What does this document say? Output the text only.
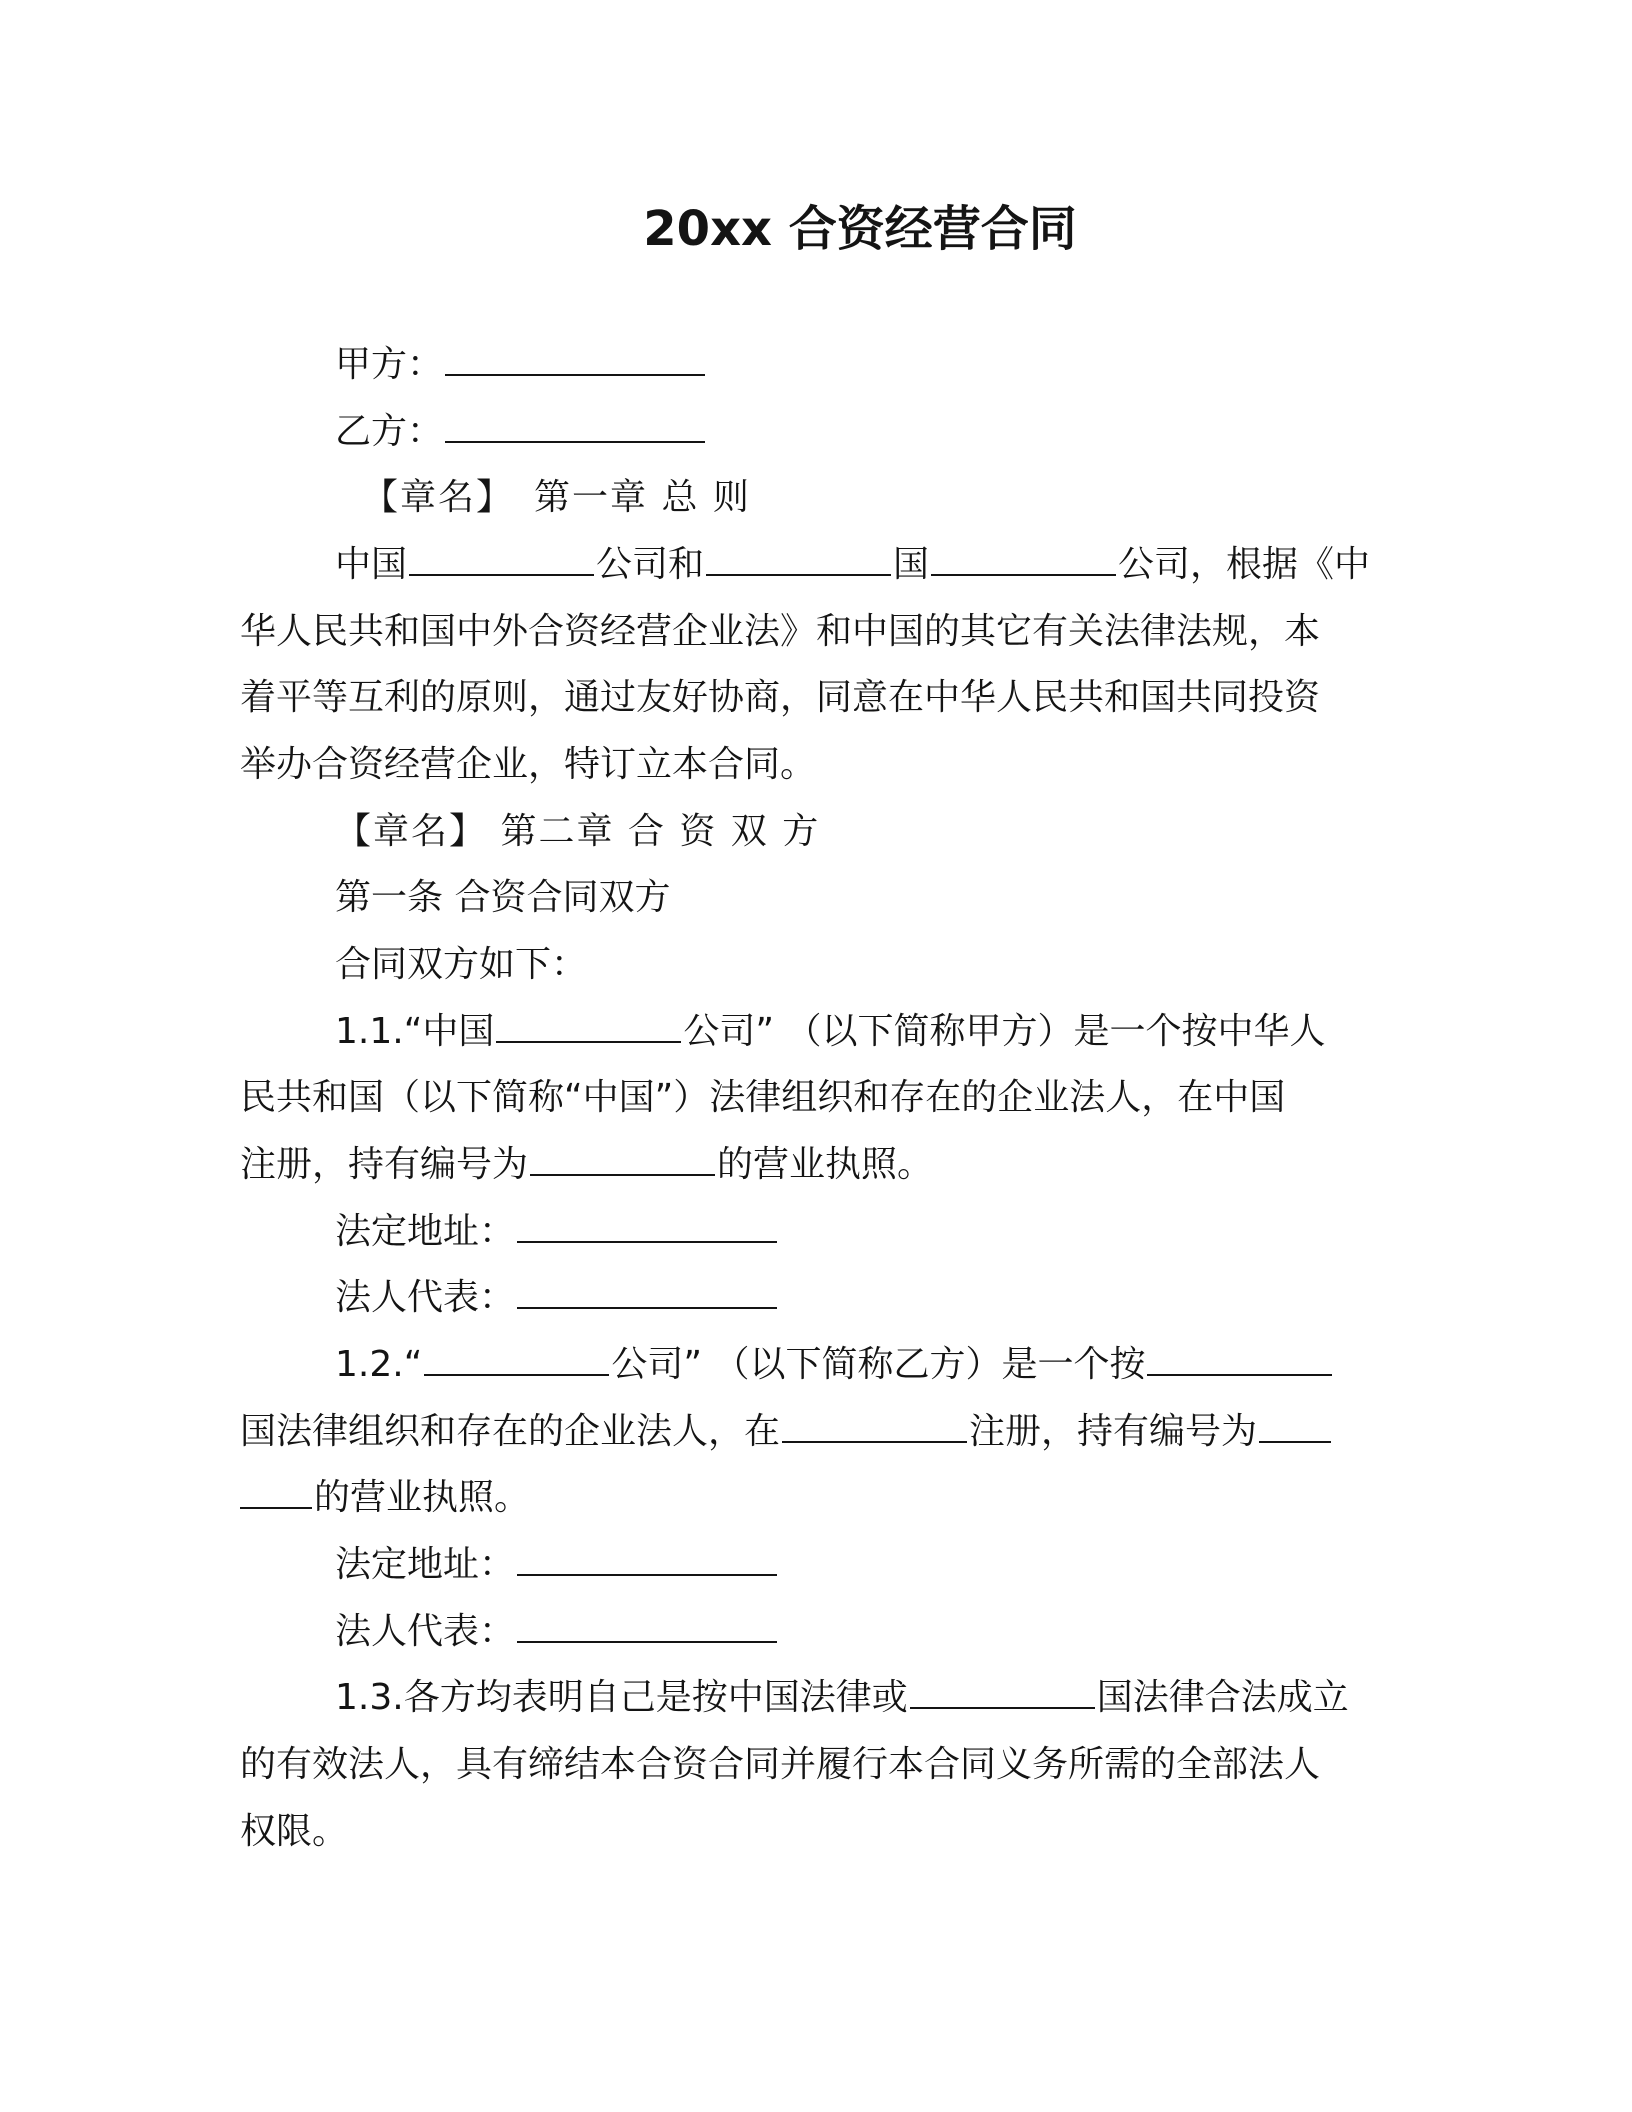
20xx 合资经营合同
甲方：
乙方：
【章名】　第一章 总 则
中国	公司和	国	公司，根据《中
华人民共和国中外合资经营企业法》和中国的其它有关法律法规，本
着平等互利的原则，通过友好协商，同意在中华人民共和国共同投资
举办合资经营企业，特订立本合同。
【章名】 第二章 合 资 双 方
第一条 合资合同双方
合同双方如下：
1.1.“中国	公司” （以下简称甲方）是一个按中华人
民共和国（以下简称“中国”）法律组织和存在的企业法人，在中国
注册，持有编号为	的营业执照。
法定地址：
法人代表：
1.2.“	公司” （以下简称乙方）是一个按
国法律组织和存在的企业法人，在	注册，持有编号为
的营业执照。
法定地址：
法人代表：
1.3.各方均表明自己是按中国法律或	国法律合法成立
的有效法人，具有缔结本合资合同并履行本合同义务所需的全部法人
权限。
